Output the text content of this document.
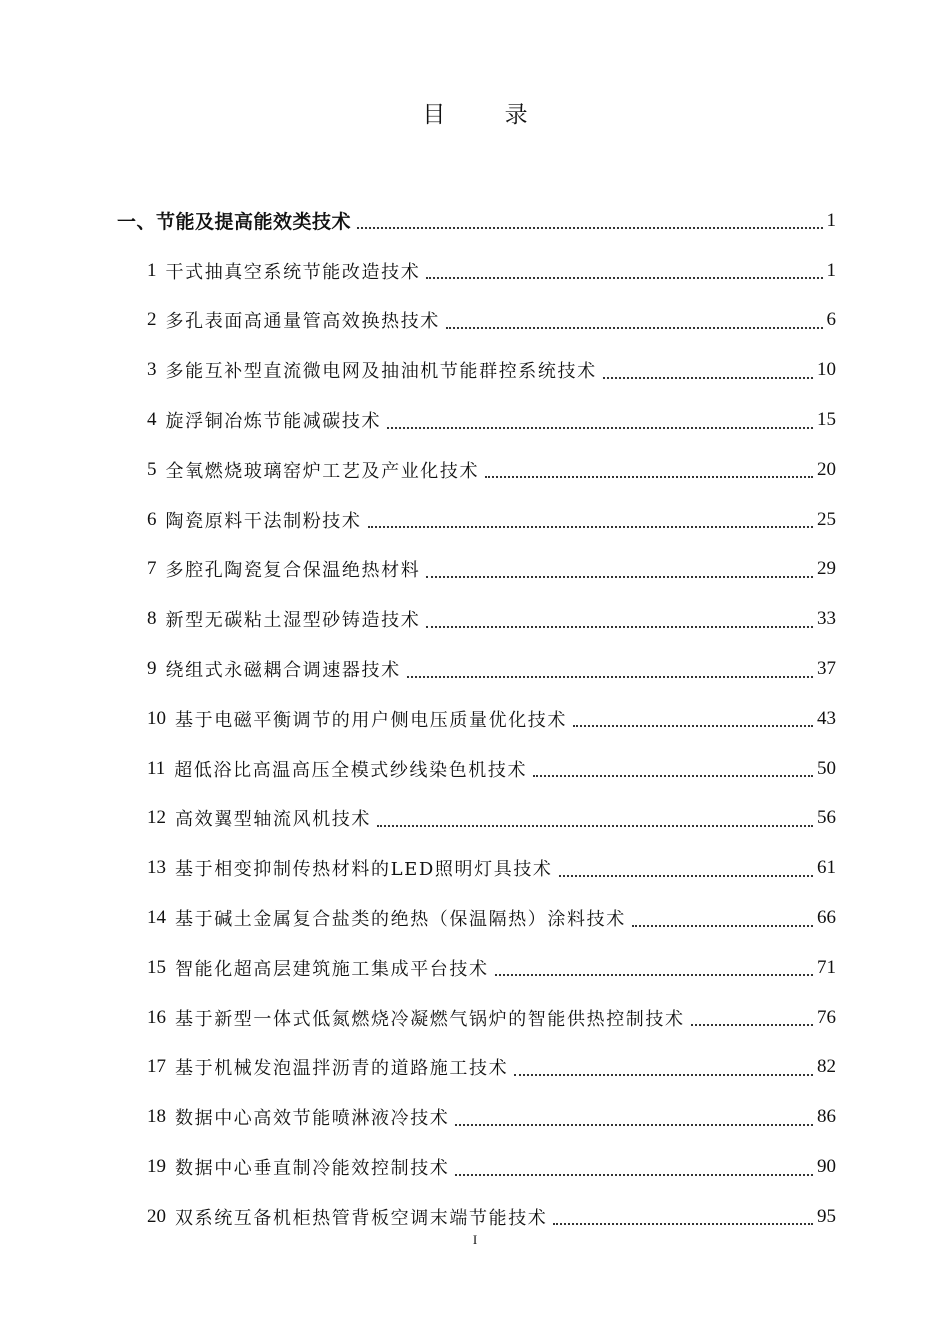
目 录
一、节能及提高能效类技术	1
1 干式抽真空系统节能改造技术	1
2 多孔表面高通量管高效换热技术	6
3 多能互补型直流微电网及抽油机节能群控系统技术	10
4 旋浮铜冶炼节能减碳技术	15
5 全氧燃烧玻璃窑炉工艺及产业化技术	20
6 陶瓷原料干法制粉技术	25
7 多腔孔陶瓷复合保温绝热材料	29
8 新型无碳粘土湿型砂铸造技术	33
9 绕组式永磁耦合调速器技术	37
10 基于电磁平衡调节的用户侧电压质量优化技术	43
11 超低浴比高温高压全模式纱线染色机技术	50
12 高效翼型轴流风机技术	56
13 基于相变抑制传热材料的LED照明灯具技术	61
14 基于碱土金属复合盐类的绝热（保温隔热）涂料技术	66
15 智能化超高层建筑施工集成平台技术	71
16 基于新型一体式低氮燃烧冷凝燃气锅炉的智能供热控制技术	76
17 基于机械发泡温拌沥青的道路施工技术	82
18 数据中心高效节能喷淋液冷技术	86
19 数据中心垂直制冷能效控制技术	90
20 双系统互备机柜热管背板空调末端节能技术	95
I
